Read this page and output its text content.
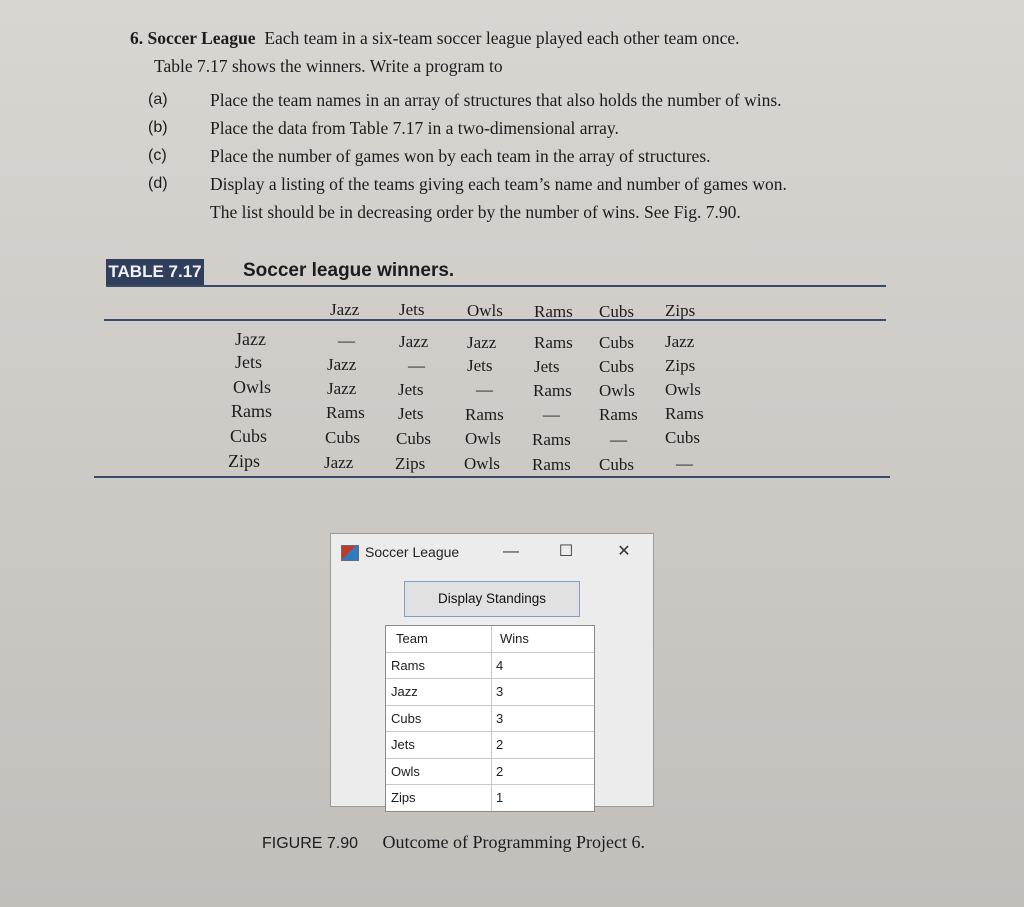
6. Soccer League Each team in a six-team soccer league played each other team once.
Table 7.17 shows the winners. Write a program to
(a)	Place the team names in an array of structures that also holds the number of wins.
(b)	Place the data from Table 7.17 in a two-dimensional array.
(c)	Place the number of games won by each team in the array of structures.
(d)	Display a listing of the teams giving each team’s name and number of games won.
The list should be in decreasing order by the number of wins. See Fig. 7.90.
TABLE 7.17 Soccer league winners.
Jazz Jets	Owls Rams Cubs Zips
Jazz	—	Jazz Jazz Rams Cubs Jazz
Jets	Jazz	— Jets Jets Cubs Zips
Owls	Jazz Jets	— Rams Owls Owls
Rams	Rams Jets Rams — Rams Rams
Cubs	Cubs Cubs Owls Rams — Cubs
Zips	Jazz Zips Owls Rams Cubs —
Soccer League	—	☐	✕
Display Standings
Team	Wins
Rams	4
Jazz	3
Cubs	3
Jets	2
Owls	2
Zips	1
FIGURE 7.90 Outcome of Programming Project 6.
